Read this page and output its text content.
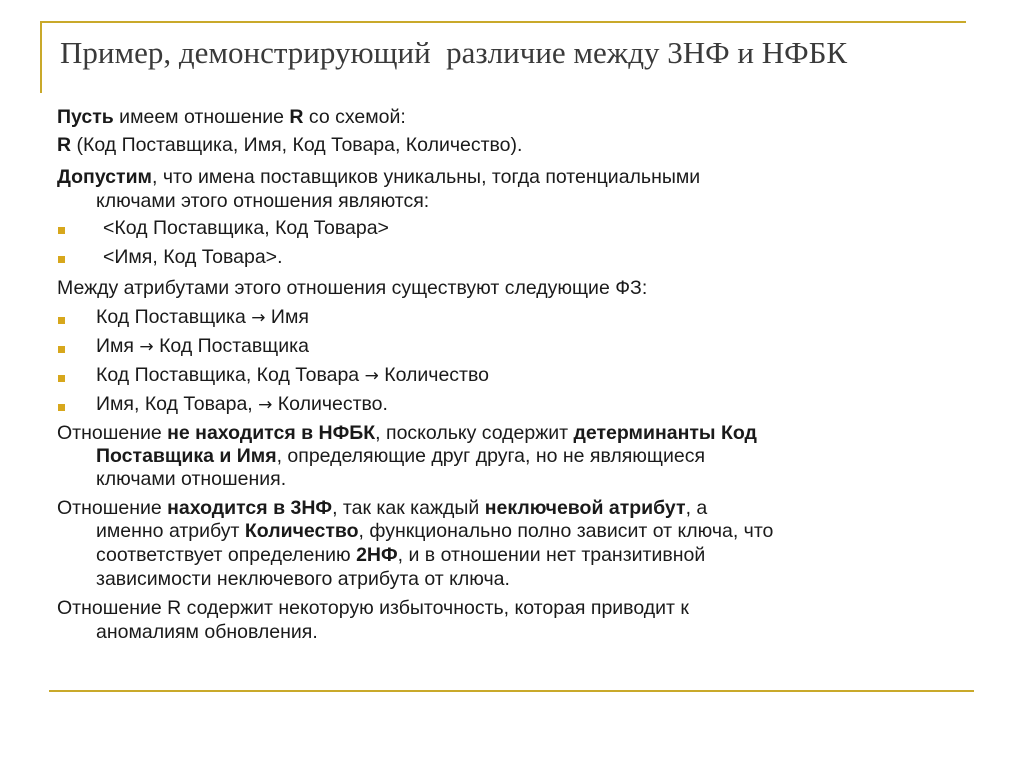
Пример, демонстрирующий  различие между 3НФ и НФБК
Пусть имеем отношение R со схемой:
R (Код Поставщика, Имя, Код Товара, Количество).
Допустим, что имена поставщиков уникальны, тогда потенциальными
ключами этого отношения являются:
<Код Поставщика, Код Товара>
<Имя, Код Товара>.
Между атрибутами этого отношения существуют следующие ФЗ:
Код Поставщика → Имя
Имя → Код Поставщика
Код Поставщика, Код Товара → Количество
Имя, Код Товара, → Количество.
Отношение не находится в НФБК, поскольку содержит детерминанты Код
Поставщика и Имя, определяющие друг друга, но не являющиеся
ключами отношения.
Отношение находится в 3НФ, так как каждый неключевой атрибут, а
именно атрибут Количество, функционально полно зависит от ключа, что
соответствует определению 2НФ, и в отношении нет транзитивной
зависимости неключевого атрибута от ключа.
Отношение R содержит некоторую избыточность, которая приводит к
аномалиям обновления.
